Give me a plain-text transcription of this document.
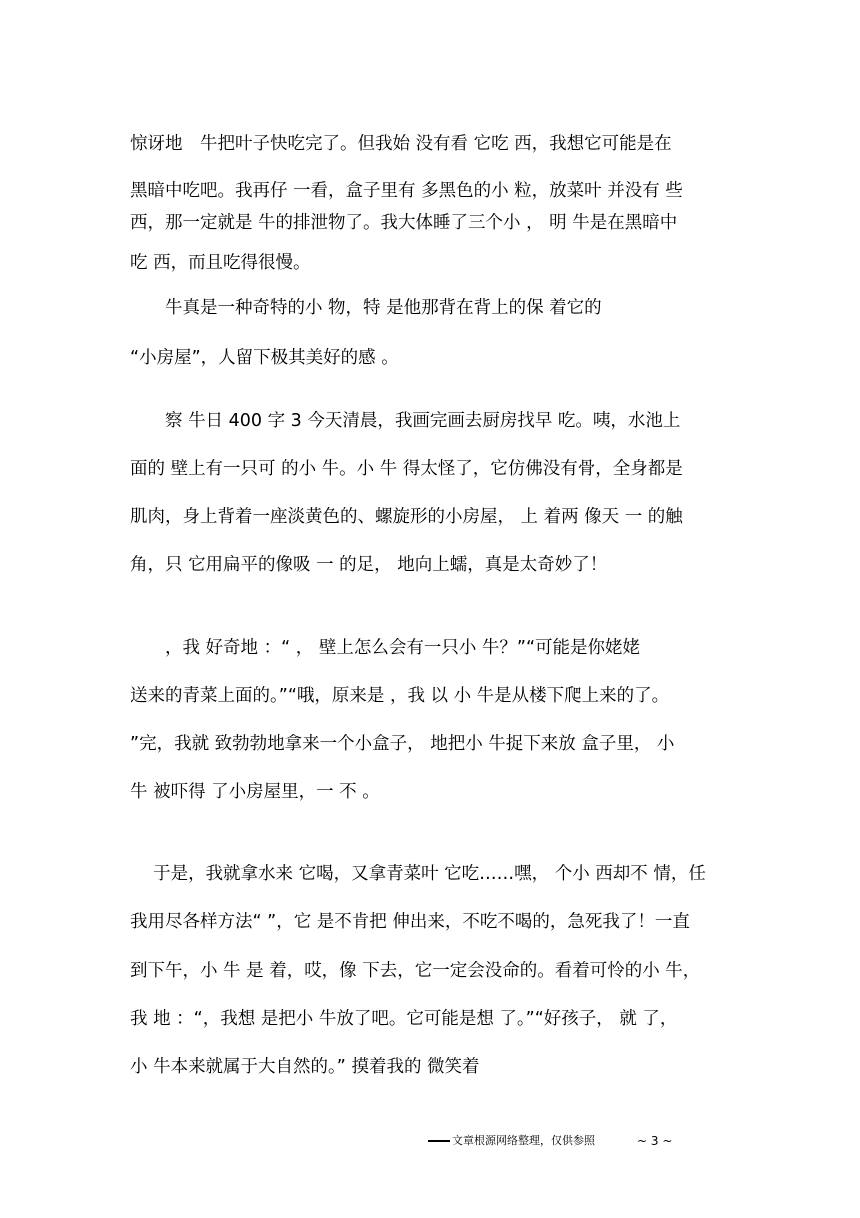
惊讶地　牛把叶子快吃完了。但我始 没有看 它吃 西，我想它可能是在
黑暗中吃吧。我再仔 一看，盒子里有 多黑色的小 粒，放菜叶 并没有 些
西，那一定就是 牛的排泄物了。我大体睡了三个小 ， 明 牛是在黑暗中
吃 西，而且吃得很慢。
　　牛真是一种奇特的小 物，特 是他那背在背上的保 着它的
“小房屋”，人留下极其美好的感 。
　　察 牛日 400 字 3 今天清晨，我画完画去厨房找早 吃。咦，水池上
面的 壁上有一只可 的小 牛。小 牛 得太怪了，它仿佛没有骨，全身都是
肌肉，身上背着一座淡黄色的、螺旋形的小房屋， 上 着两 像天 一 的触
角，只 它用扁平的像吸 一 的足， 地向上蠕，真是太奇妙了！
　　，我 好奇地 ：“ ， 壁上怎么会有一只小 牛？”“可能是你姥姥
送来的青菜上面的。”“哦，原来是 ，我 以 小 牛是从楼下爬上来的了。
”完，我就 致勃勃地拿来一个小盒子， 地把小 牛捉下来放 盒子里， 小
牛 被吓得 了小房屋里，一 不 。
　 于是，我就拿水来 它喝，又拿青菜叶 它吃……嘿， 个小 西却不 情，任
我用尽各样方法“ ”，它 是不肯把 伸出来，不吃不喝的，急死我了！一直
到下午，小 牛 是 着，哎，像 下去，它一定会没命的。看着可怜的小 牛，
我 地 ：“，我想 是把小 牛放了吧。它可能是想 了。”“好孩子， 就 了，
小 牛本来就属于大自然的。” 摸着我的 微笑着
文章根源网络整理，仅供参照	~ 3 ~
